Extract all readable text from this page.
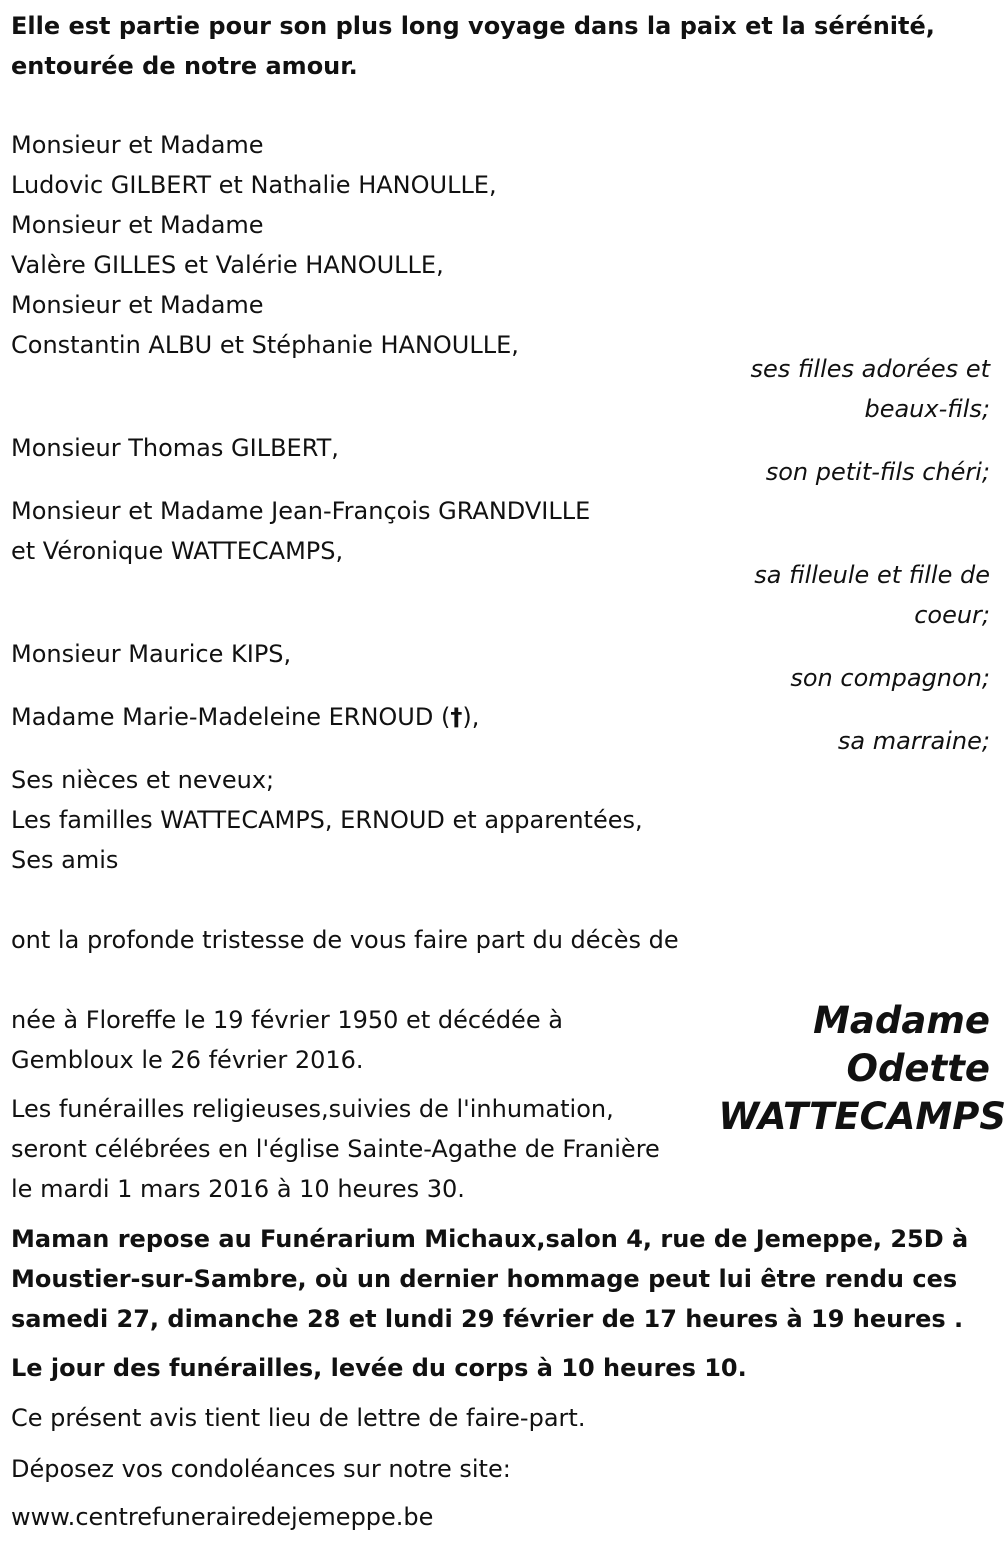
Elle est partie pour son plus long voyage dans la paix et la sérénité,
entourée de notre amour.
Monsieur et Madame
Ludovic GILBERT et Nathalie HANOULLE,
Monsieur et Madame
Valère GILLES et Valérie HANOULLE,
Monsieur et Madame
Constantin ALBU et Stéphanie HANOULLE,
ses filles adorées et
beaux-fils;
Monsieur Thomas GILBERT,
son petit-fils chéri;
Monsieur et Madame Jean-François GRANDVILLE
et Véronique WATTECAMPS,
sa filleule et fille de
coeur;
Monsieur Maurice KIPS,
son compagnon;
Madame Marie-Madeleine ERNOUD (†),
sa marraine;
Ses nièces et neveux;
Les familles WATTECAMPS, ERNOUD et apparentées,
Ses amis
ont la profonde tristesse de vous faire part du décès de
Madame
Odette
WATTECAMPS
née à Floreffe le 19 février 1950 et décédée à
Gembloux le 26 février 2016.
Les funérailles religieuses,suivies de l'inhumation,
seront célébrées en l'église Sainte-Agathe de Franière
le mardi 1 mars 2016 à 10 heures 30.
Maman repose au Funérarium Michaux,salon 4, rue de Jemeppe, 25D à
Moustier-sur-Sambre, où un dernier hommage peut lui être rendu ces
samedi 27, dimanche 28 et lundi 29 février de 17 heures à 19 heures .
Le jour des funérailles, levée du corps à 10 heures 10.
Ce présent avis tient lieu de lettre de faire-part.
Déposez vos condoléances sur notre site:
www.centrefunerairedejemeppe.be
